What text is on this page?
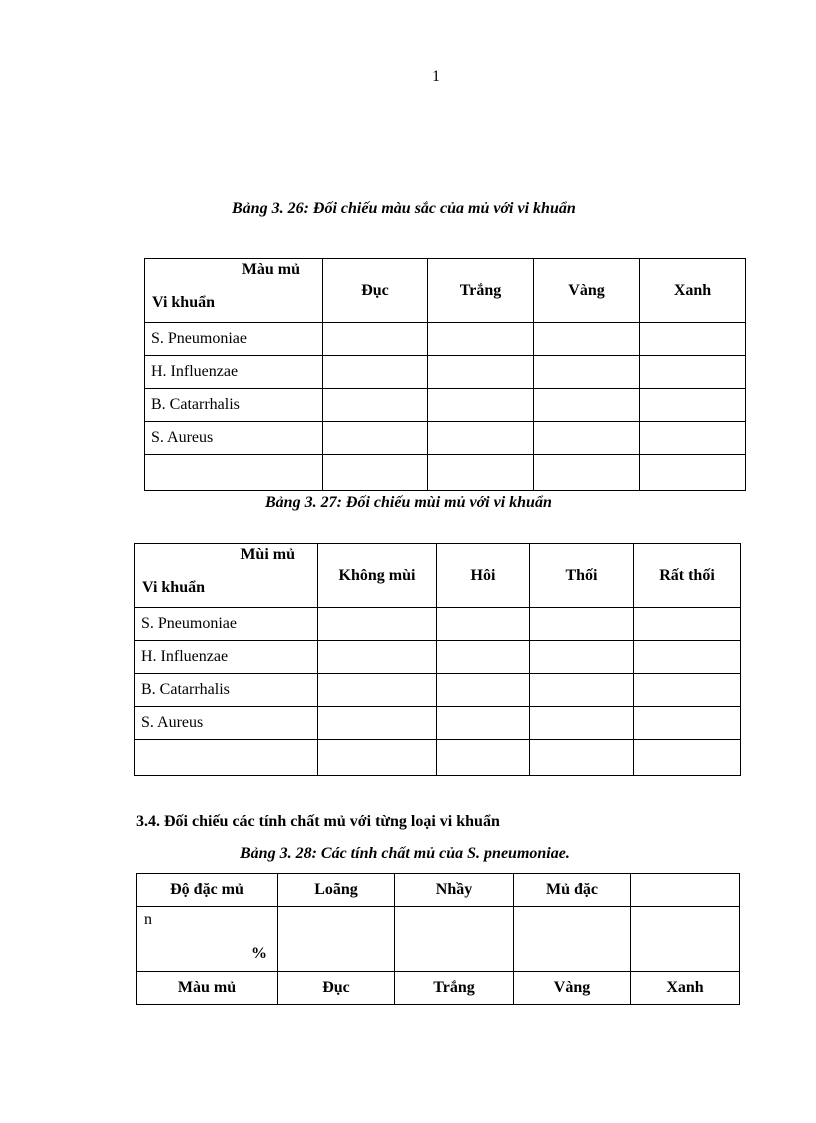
1
Bảng 3. 26: Đối chiếu màu sắc của mủ với vi khuẩn
Màu mủ
Vi khuẩn	Đục	Trắng	Vàng	Xanh
S. Pneumoniae				
H. Influenzae				
B. Catarrhalis				
S. Aureus				

Bảng 3. 27: Đối chiếu mùi mủ với vi khuẩn
Mùi mủ
Vi khuẩn	Không mùi	Hôi	Thối	Rất thối
S. Pneumoniae				
H. Influenzae				
B. Catarrhalis				
S. Aureus				

3.4. Đối chiếu các tính chất mủ với từng loại vi khuẩn
Bảng 3. 28: Các tính chất mủ của S. pneumoniae.
Độ đặc mủ	Loãng	Nhầy	Mủ đặc	

n
%				

Màu mủ	Đục	Trắng	Vàng	Xanh
